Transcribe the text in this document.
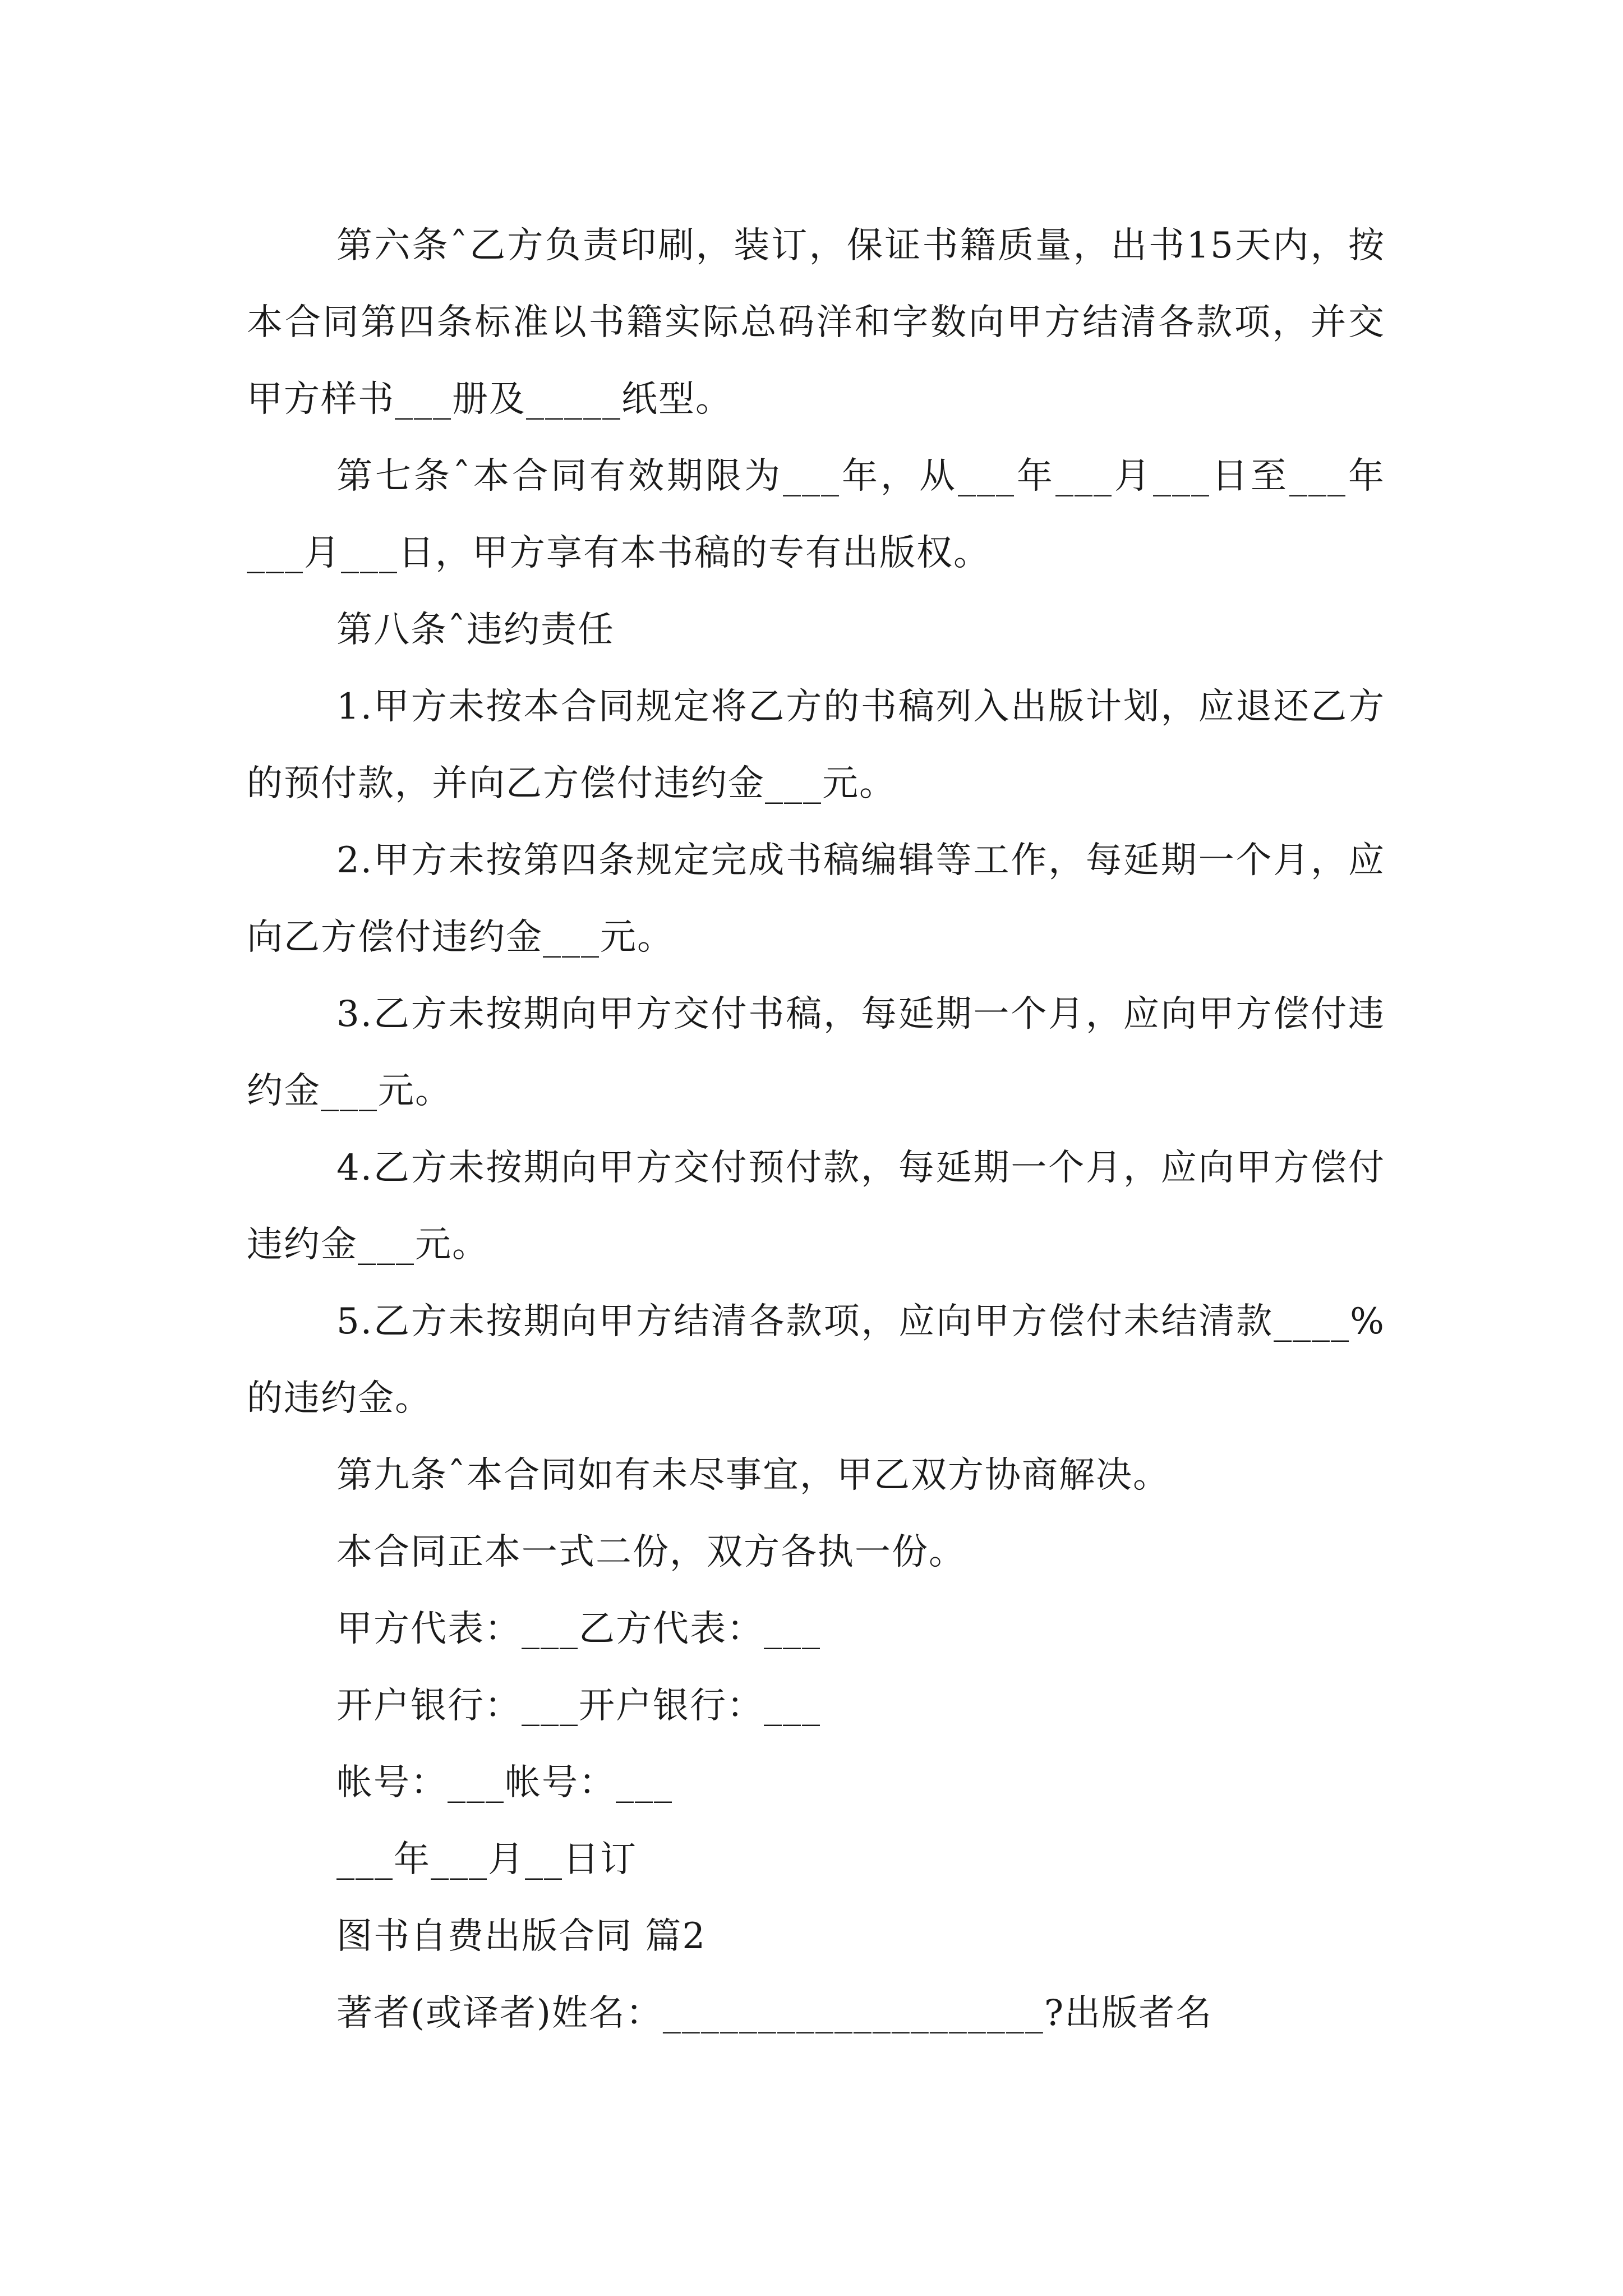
第六条ˆ乙方负责印刷，装订，保证书籍质量，出书15天内，按本合同第四条标准以书籍实际总码洋和字数向甲方结清各款项，并交甲方样书___册及_____纸型。

第七条ˆ本合同有效期限为___年，从___年___月___日至___年___月___日，甲方享有本书稿的专有出版权。

第八条ˆ违约责任

1.甲方未按本合同规定将乙方的书稿列入出版计划，应退还乙方的预付款，并向乙方偿付违约金___元。

2.甲方未按第四条规定完成书稿编辑等工作，每延期一个月，应向乙方偿付违约金___元。

3.乙方未按期向甲方交付书稿，每延期一个月，应向甲方偿付违约金___元。

4.乙方未按期向甲方交付预付款，每延期一个月，应向甲方偿付违约金___元。

5.乙方未按期向甲方结清各款项，应向甲方偿付未结清款____%的违约金。

第九条ˆ本合同如有未尽事宜，甲乙双方协商解决。

本合同正本一式二份，双方各执一份。

甲方代表：___乙方代表：___

开户银行：___开户银行：___

帐号：___帐号：___

___年___月__日订

图书自费出版合同 篇2

著者(或译者)姓名：____________________?出版者名
